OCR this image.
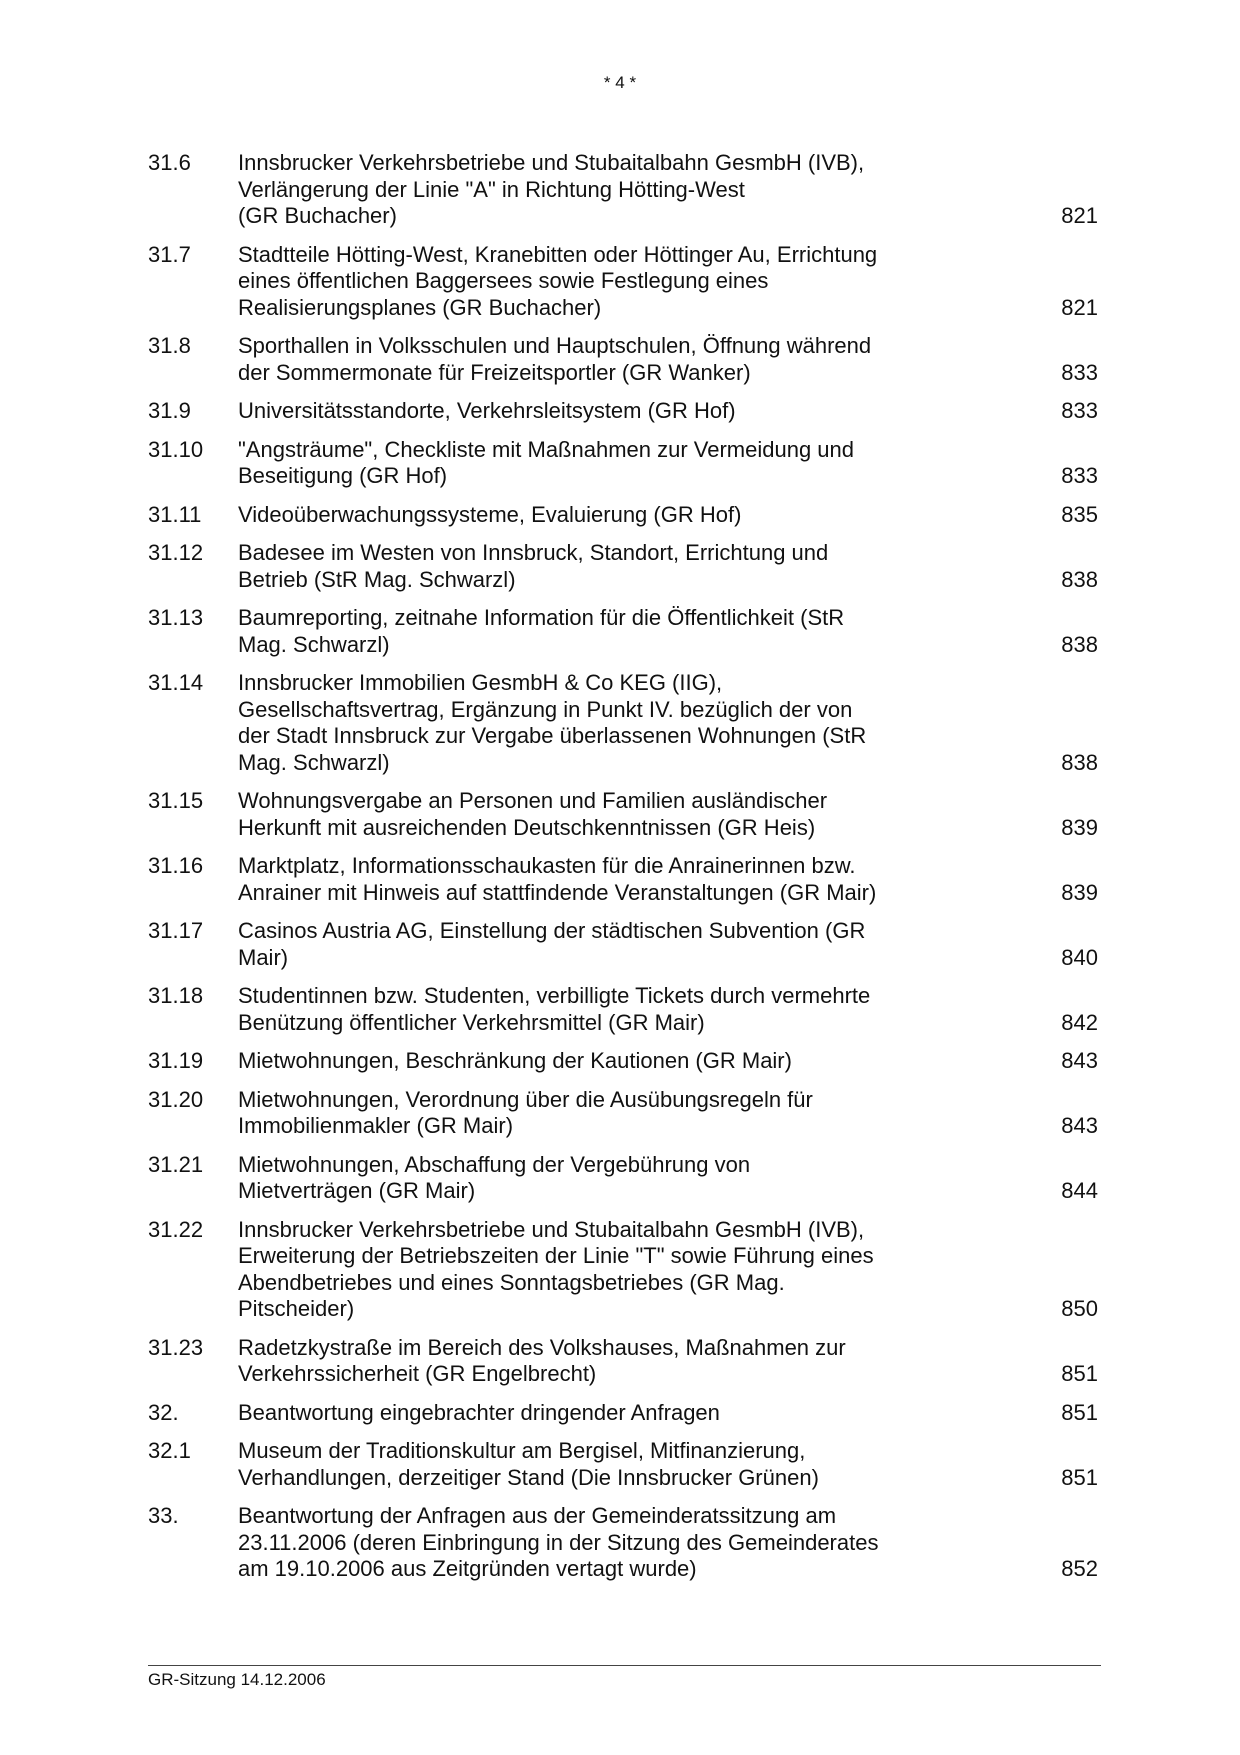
* 4 *
31.6	Innsbrucker Verkehrsbetriebe und Stubaitalbahn GesmbH (IVB),
Verlängerung der Linie "A" in Richtung Hötting-West
(GR Buchacher)	821
31.7	Stadtteile Hötting-West, Kranebitten oder Höttinger Au, Errichtung
eines öffentlichen Baggersees sowie Festlegung eines
Realisierungsplanes (GR Buchacher)	821
31.8	Sporthallen in Volksschulen und Hauptschulen, Öffnung während
der Sommermonate für Freizeitsportler (GR Wanker)	833
31.9	Universitätsstandorte, Verkehrsleitsystem (GR Hof)	833
31.10	"Angsträume", Checkliste mit Maßnahmen zur Vermeidung und
Beseitigung (GR Hof)	833
31.11	Videoüberwachungssysteme, Evaluierung (GR Hof)	835
31.12	Badesee im Westen von Innsbruck, Standort, Errichtung und
Betrieb (StR Mag. Schwarzl)	838
31.13	Baumreporting, zeitnahe Information für die Öffentlichkeit (StR
Mag. Schwarzl)	838
31.14	Innsbrucker Immobilien GesmbH & Co KEG (IIG),
Gesellschaftsvertrag, Ergänzung in Punkt IV. bezüglich der von
der Stadt Innsbruck zur Vergabe überlassenen Wohnungen (StR
Mag. Schwarzl)	838
31.15	Wohnungsvergabe an Personen und Familien ausländischer
Herkunft mit ausreichenden Deutschkenntnissen (GR Heis)	839
31.16	Marktplatz, Informationsschaukasten für die Anrainerinnen bzw.
Anrainer mit Hinweis auf stattfindende Veranstaltungen (GR Mair)	839
31.17	Casinos Austria AG, Einstellung der städtischen Subvention (GR
Mair)	840
31.18	Studentinnen bzw. Studenten, verbilligte Tickets durch vermehrte
Benützung öffentlicher Verkehrsmittel (GR Mair)	842
31.19	Mietwohnungen, Beschränkung der Kautionen (GR Mair)	843
31.20	Mietwohnungen, Verordnung über die Ausübungsregeln für
Immobilienmakler (GR Mair)	843
31.21	Mietwohnungen, Abschaffung der Vergebührung von
Mietverträgen (GR Mair)	844
31.22	Innsbrucker Verkehrsbetriebe und Stubaitalbahn GesmbH (IVB),
Erweiterung der Betriebszeiten der Linie "T" sowie Führung eines
Abendbetriebes und eines Sonntagsbetriebes (GR Mag.
Pitscheider)	850
31.23	Radetzkystraße im Bereich des Volkshauses, Maßnahmen zur
Verkehrssicherheit (GR Engelbrecht)	851
32.	Beantwortung eingebrachter dringender Anfragen	851
32.1	Museum der Traditionskultur am Bergisel, Mitfinanzierung,
Verhandlungen, derzeitiger Stand (Die Innsbrucker Grünen)	851
33.	Beantwortung der Anfragen aus der Gemeinderatssitzung am
23.11.2006 (deren Einbringung in der Sitzung des Gemeinderates
am 19.10.2006 aus Zeitgründen vertagt wurde)	852
GR-Sitzung 14.12.2006
